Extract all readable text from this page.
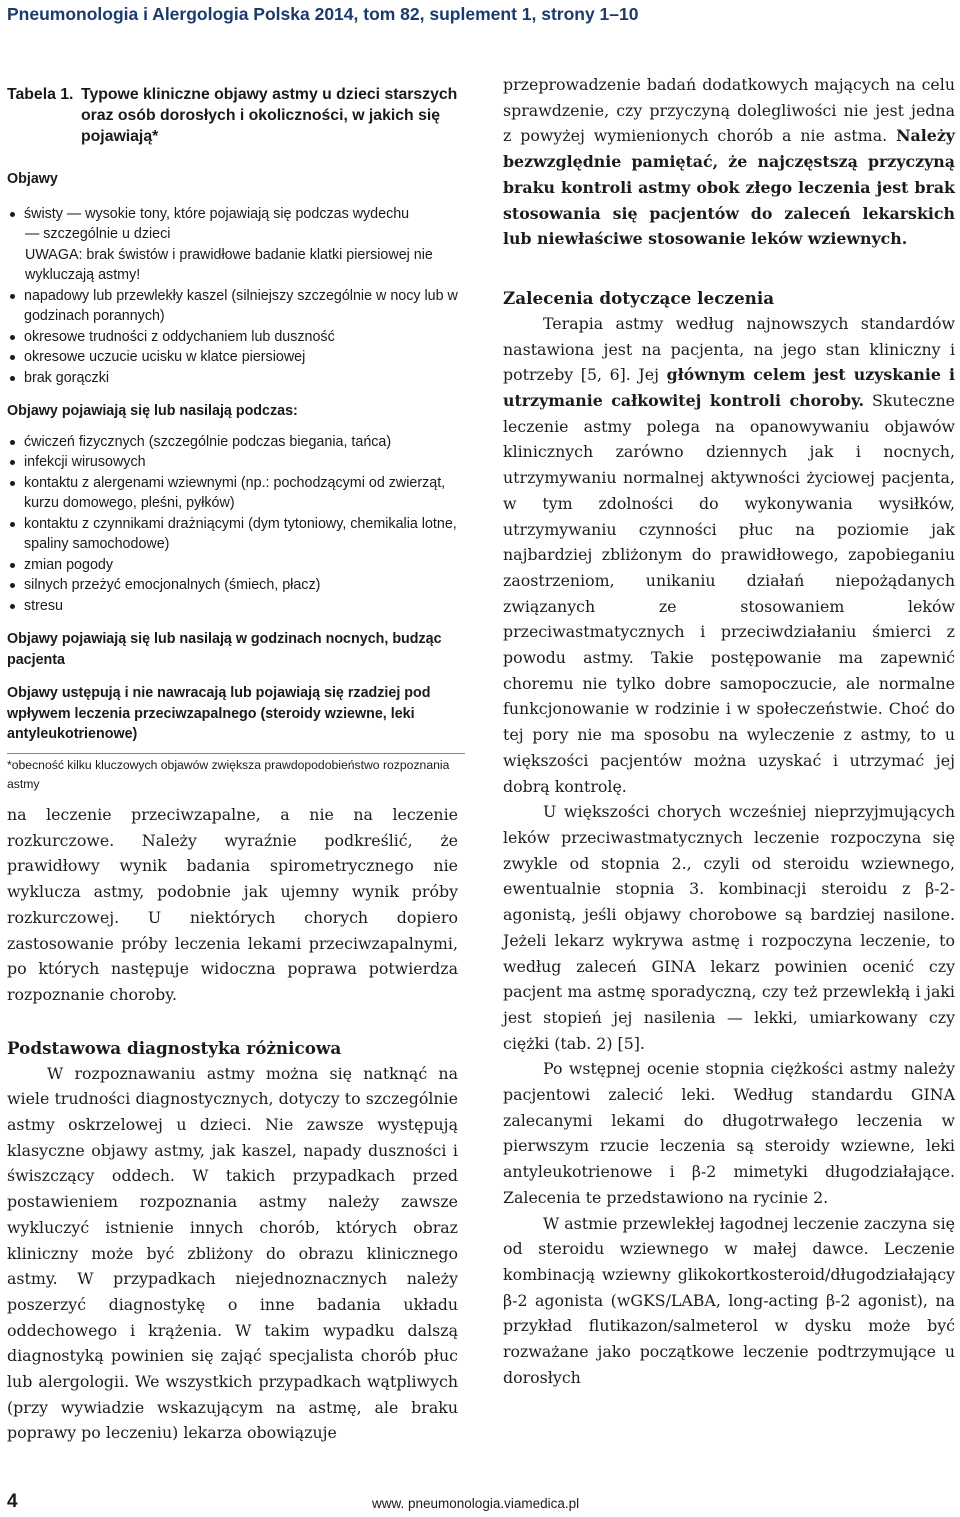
Pneumonologia i Alergologia Polska 2014, tom 82, suplement 1, strony 1–10
Tabela 1. Typowe kliniczne objawy astmy u dzieci starszych oraz osób dorosłych i okoliczności, w jakich się pojawiają*
Objawy
świsty — wysokie tony, które pojawiają się podczas wydechu
— szczególnie u dzieci
UWAGA: brak świstów i prawidłowe badanie klatki piersiowej nie wykluczają astmy!
napadowy lub przewlekły kaszel (silniejszy szczególnie w nocy lub w godzinach porannych)
okresowe trudności z oddychaniem lub duszność
okresowe uczucie ucisku w klatce piersiowej
brak gorączki
Objawy pojawiają się lub nasilają podczas:
ćwiczeń fizycznych (szczególnie podczas biegania, tańca)
infekcji wirusowych
kontaktu z alergenami wziewnymi (np.: pochodzącymi od zwierząt, kurzu domowego, pleśni, pyłków)
kontaktu z czynnikami drażniącymi (dym tytoniowy, chemikalia lotne, spaliny samochodowe)
zmian pogody
silnych przeżyć emocjonalnych (śmiech, płacz)
stresu
Objawy pojawiają się lub nasilają w godzinach nocnych, budząc pacjenta
Objawy ustępują i nie nawracają lub pojawiają się rzadziej pod wpływem leczenia przeciwzapalnego (steroidy wziewne, leki antyleukotrienowe)
*obecność kilku kluczowych objawów zwiększa prawdopodobieństwo rozpoznania astmy

na leczenie przeciwzapalne, a nie na leczenie rozkurczowe. Należy wyraźnie podkreślić, że prawidłowy wynik badania spirometrycznego nie wyklucza astmy, podobnie jak ujemny wynik próby rozkurczowej. U niektórych chorych dopiero zastosowanie próby leczenia lekami przeciwzapalnymi, po których następuje widoczna poprawa potwierdza rozpoznanie choroby.

Podstawowa diagnostyka różnicowa

W rozpoznawaniu astmy można się natknąć na wiele trudności diagnostycznych, dotyczy to szczególnie astmy oskrzelowej u dzieci. Nie zawsze występują klasyczne objawy astmy, jak kaszel, napady duszności i świszczący oddech. W takich przypadkach przed postawieniem rozpoznania astmy należy zawsze wykluczyć istnienie innych chorób, których obraz kliniczny może być zbliżony do obrazu klinicznego astmy. W przypadkach niejednoznacznych należy poszerzyć diagnostykę o inne badania układu oddechowego i krążenia. W takim wypadku dalszą diagnostyką powinien się zająć specjalista chorób płuc lub alergologii. We wszystkich przypadkach wątpliwych (przy wywiadzie wskazującym na astmę, ale braku poprawy po leczeniu) lekarza obowiązuje

przeprowadzenie badań dodatkowych mających na celu sprawdzenie, czy przyczyną dolegliwości nie jest jedna z powyżej wymienionych chorób a nie astma. Należy bezwzględnie pamiętać, że najczęstszą przyczyną braku kontroli astmy obok złego leczenia jest brak stosowania się pacjentów do zaleceń lekarskich lub niewłaściwe stosowanie leków wziewnych.

Zalecenia dotyczące leczenia

Terapia astmy według najnowszych standardów nastawiona jest na pacjenta, na jego stan kliniczny i potrzeby [5, 6]. Jej głównym celem jest uzyskanie i utrzymanie całkowitej kontroli choroby. Skuteczne leczenie astmy polega na opanowywaniu objawów klinicznych zarówno dziennych jak i nocnych, utrzymywaniu normalnej aktywności życiowej pacjenta, w tym zdolności do wykonywania wysiłków, utrzymywaniu czynności płuc na poziomie jak najbardziej zbliżonym do prawidłowego, zapobieganiu zaostrzeniom, unikaniu działań niepożądanych związanych ze stosowaniem leków przeciwastmatycznych i przeciwdziałaniu śmierci z powodu astmy. Takie postępowanie ma zapewnić choremu nie tylko dobre samopoczucie, ale normalne funkcjonowanie w rodzinie i w społeczeństwie. Choć do tej pory nie ma sposobu na wyleczenie z astmy, to u większości pacjentów można uzyskać i utrzymać jej dobrą kontrolę.

U większości chorych wcześniej nieprzyjmujących leków przeciwastmatycznych leczenie rozpoczyna się zwykle od stopnia 2., czyli od steroidu wziewnego, ewentualnie stopnia 3. kombinacji steroidu z β-2-agonistą, jeśli objawy chorobowe są bardziej nasilone. Jeżeli lekarz wykrywa astmę i rozpoczyna leczenie, to według zaleceń GINA lekarz powinien ocenić czy pacjent ma astmę sporadyczną, czy też przewlekłą i jaki jest stopień jej nasilenia — lekki, umiarkowany czy ciężki (tab. 2) [5].

Po wstępnej ocenie stopnia ciężkości astmy należy pacjentowi zalecić leki. Według standardu GINA zalecanymi lekami do długotrwałego leczenia w pierwszym rzucie leczenia są steroidy wziewne, leki antyleukotrienowe i β-2 mimetyki długodziałające. Zalecenia te przedstawiono na rycinie 2.

W astmie przewlekłej łagodnej leczenie zaczyna się od steroidu wziewnego w małej dawce. Leczenie kombinacją wziewny glikokortkosteroid/długodziałający β-2 agonista (wGKS/LABA, long-acting β-2 agonist), na przykład flutikazon/salmeterol w dysku może być rozważane jako początkowe leczenie podtrzymujące u dorosłych

4	www. pneumonologia.viamedica.pl
